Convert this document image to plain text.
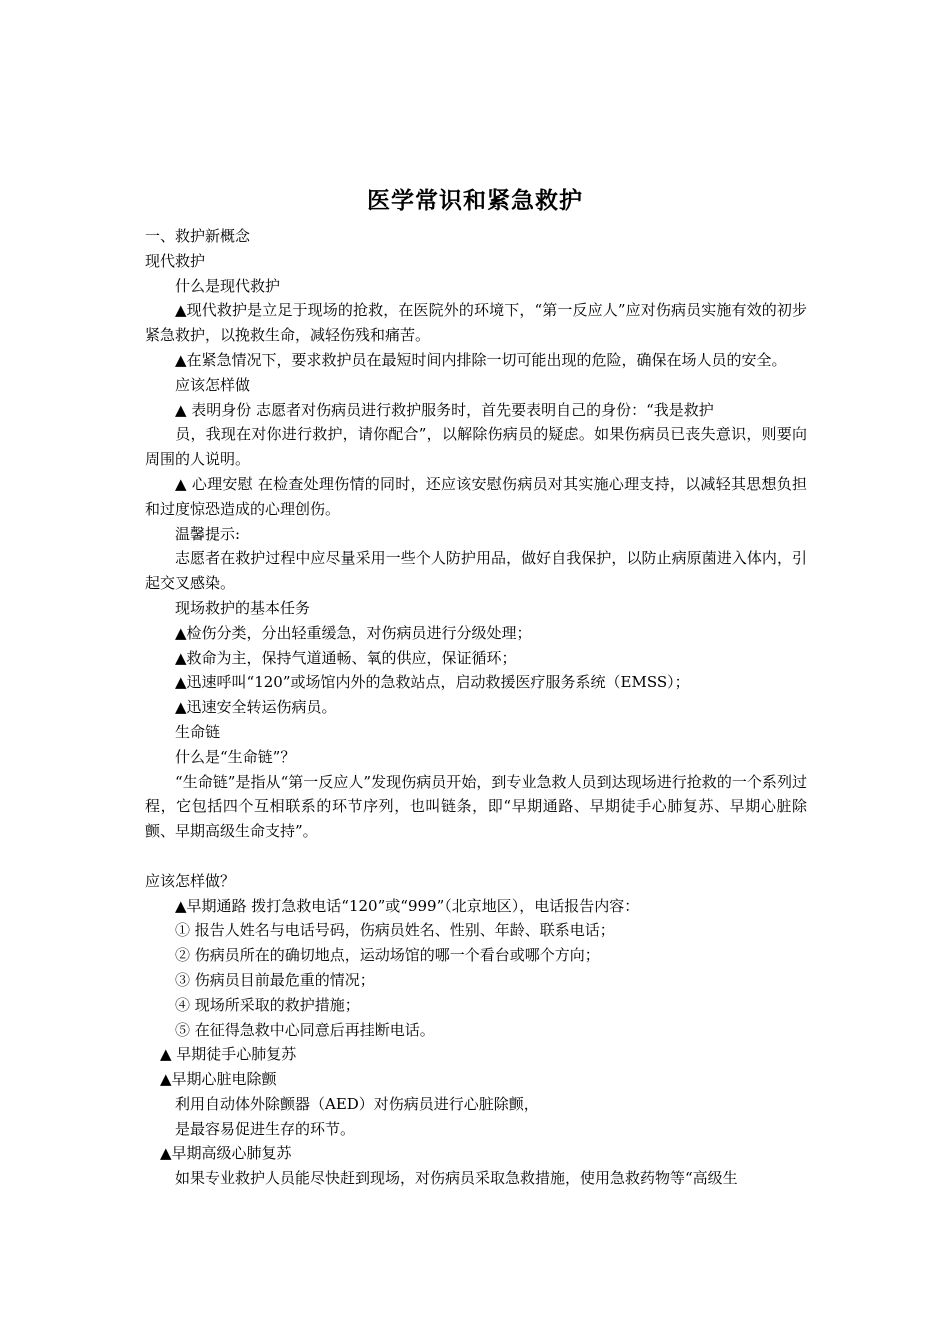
医学常识和紧急救护

一、救护新概念

现代救护

什么是现代救护

▲现代救护是立足于现场的抢救，在医院外的环境下，“第一反应人”应对伤病员实施有效的初步紧急救护，以挽救生命，减轻伤残和痛苦。

▲在紧急情况下，要求救护员在最短时间内排除一切可能出现的危险，确保在场人员的安全。

应该怎样做

▲ 表明身份 志愿者对伤病员进行救护服务时，首先要表明自己的身份：“我是救护

员，我现在对你进行救护，请你配合”，以解除伤病员的疑虑。如果伤病员已丧失意识，则要向周围的人说明。

▲ 心理安慰 在检查处理伤情的同时，还应该安慰伤病员对其实施心理支持，以减轻其思想负担和过度惊恐造成的心理创伤。

温馨提示:

志愿者在救护过程中应尽量采用一些个人防护用品，做好自我保护，以防止病原菌进入体内，引起交叉感染。

现场救护的基本任务

▲检伤分类，分出轻重缓急，对伤病员进行分级处理；

▲救命为主，保持气道通畅、氧的供应，保证循环；

▲迅速呼叫“120”或场馆内外的急救站点，启动救援医疗服务系统（EMSS）；

▲迅速安全转运伤病员。

生命链

什么是“生命链”？

“生命链”是指从“第一反应人”发现伤病员开始，到专业急救人员到达现场进行抢救的一个系列过程，它包括四个互相联系的环节序列，也叫链条，即“早期通路、早期徒手心肺复苏、早期心脏除颤、早期高级生命支持”。

应该怎样做？

▲早期通路 拨打急救电话“120”或“999”（北京地区），电话报告内容：

① 报告人姓名与电话号码，伤病员姓名、性别、年龄、联系电话；

② 伤病员所在的确切地点，运动场馆的哪一个看台或哪个方向；

③ 伤病员目前最危重的情况；

④ 现场所采取的救护措施；

⑤ 在征得急救中心同意后再挂断电话。

▲ 早期徒手心肺复苏

▲早期心脏电除颤

利用自动体外除颤器（AED）对伤病员进行心脏除颤，

是最容易促进生存的环节。

▲早期高级心肺复苏

如果专业救护人员能尽快赶到现场，对伤病员采取急救措施，使用急救药物等“高级生
